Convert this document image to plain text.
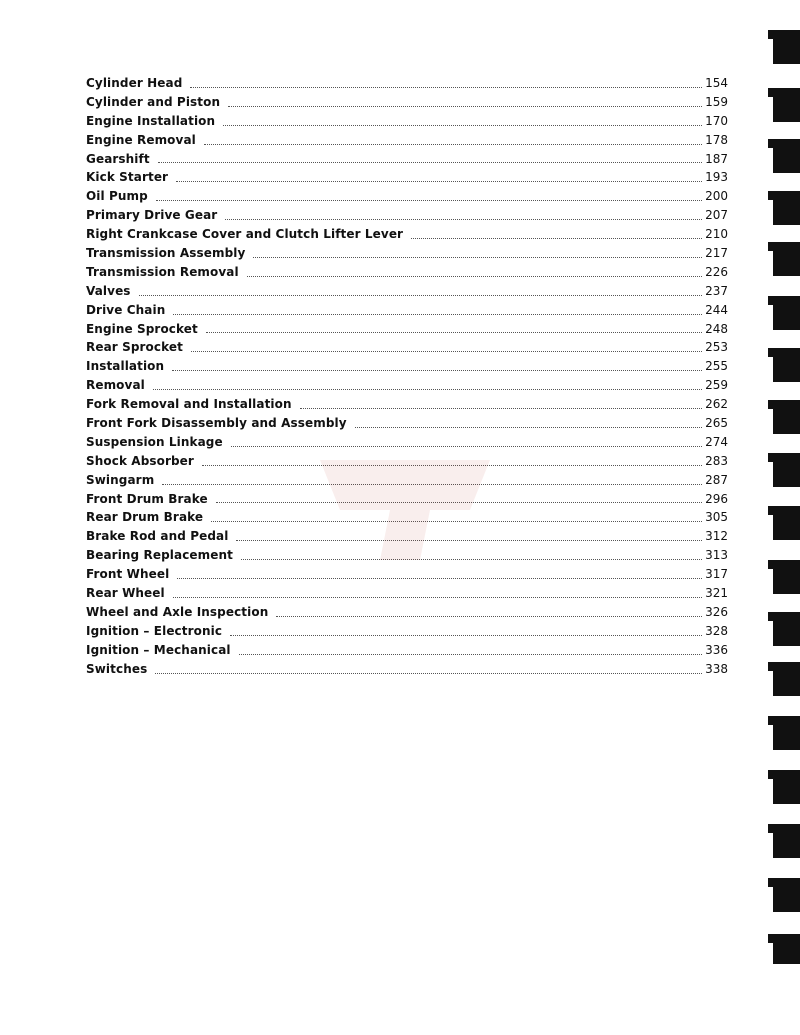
Cylinder Head	154
Cylinder and Piston	159
Engine Installation	170
Engine Removal	178
Gearshift	187
Kick Starter	193
Oil Pump	200
Primary Drive Gear	207
Right Crankcase Cover and Clutch Lifter Lever	210
Transmission Assembly	217
Transmission Removal	226
Valves	237
Drive Chain	244
Engine Sprocket	248
Rear Sprocket	253
Installation	255
Removal	259
Fork Removal and Installation	262
Front Fork Disassembly and Assembly	265
Suspension Linkage	274
Shock Absorber	283
Swingarm	287
Front Drum Brake	296
Rear Drum Brake	305
Brake Rod and Pedal	312
Bearing Replacement	313
Front Wheel	317
Rear Wheel	321
Wheel and Axle Inspection	326
Ignition – Electronic	328
Ignition – Mechanical	336
Switches	338
